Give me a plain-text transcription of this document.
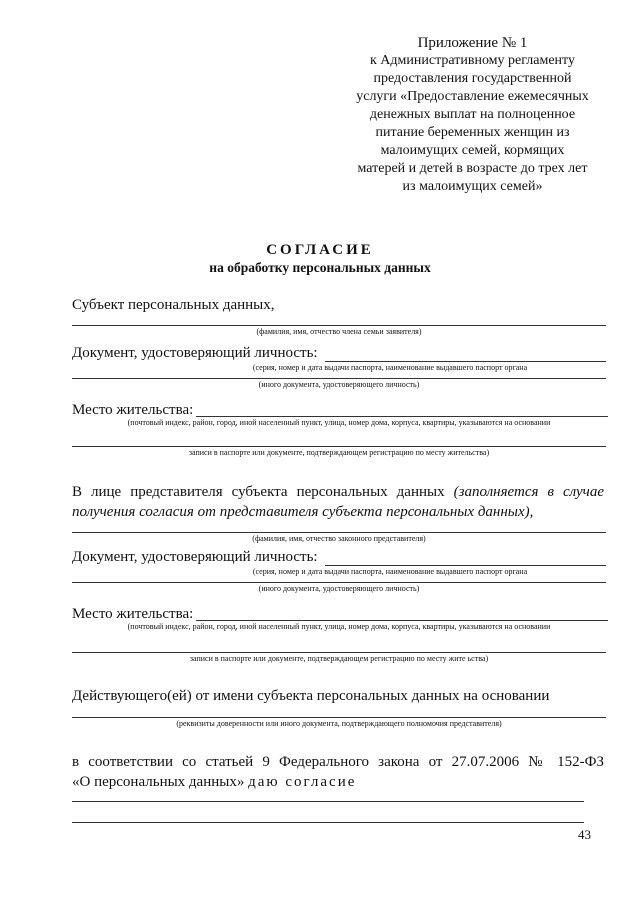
Приложение № 1
к Административному регламенту
предоставления государственной
услуги «Предоставление ежемесячных
денежных выплат на полноценное
питание беременных женщин из
малоимущих семей, кормящих
матерей и детей в возрасте до трех лет
из малоимущих семей»
СОГЛАСИЕ
на обработку персональных данных
Субъект персональных данных,
(фамилия, имя, отчество члена семьи заявителя)
Документ, удостоверяющий личность:
(серия, номер и дата выдачи паспорта, наименование выдавшего паспорт органа
(иного документа, удостоверяющего личность)
Место жительства:
(почтовый индекс, район, город, иной населенный пункт, улица, номер дома, корпуса, квартиры, указываются на основании
записи в паспорте или документе, подтверждающем регистрацию по месту жительства)
В лице представителя субъекта персональных данных (заполняется в случае
получения согласия от представителя субъекта персональных данных),
(фамилия, имя, отчество законного представителя)
Документ, удостоверяющий личность:
(серия, номер и дата выдачи паспорта, наименование выдавшего паспорт органа
(иного документа, удостоверяющего личность)
Место жительства:
(почтовый индекс, район, город, иной населенный пункт, улица, номер дома, корпуса, квартиры, указываются на основании
записи в паспорте или документе, подтверждающем регистрацию по месту жите ьства)
Действующего(ей) от имени субъекта персональных данных на основании
(реквизиты доверенности или иного документа, подтверждающего полномочия представителя)
в соответствии со статьей 9 Федерального закона от 27.07.2006 № 152-ФЗ
«О персональных данных» даю согласие
43
